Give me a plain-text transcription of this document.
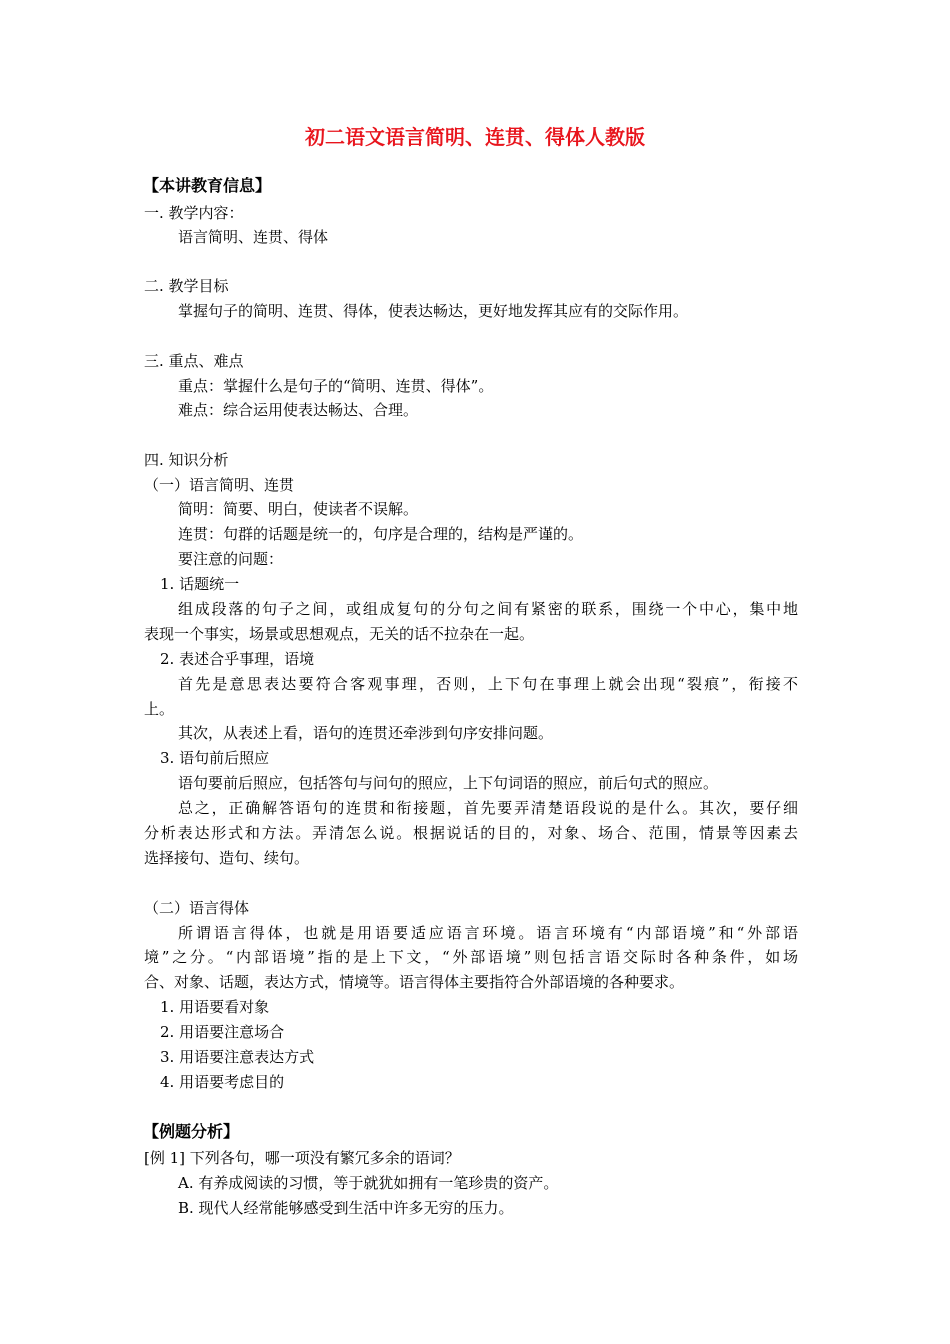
初二语文语言简明、连贯、得体人教版
【本讲教育信息】
一. 教学内容：
语言简明、连贯、得体
二. 教学目标
掌握句子的简明、连贯、得体，使表达畅达，更好地发挥其应有的交际作用。
三. 重点、难点
重点：掌握什么是句子的“简明、连贯、得体”。
难点：综合运用使表达畅达、合理。
四. 知识分析
（一）语言简明、连贯
简明：简要、明白，使读者不误解。
连贯：句群的话题是统一的，句序是合理的，结构是严谨的。
要注意的问题：
1. 话题统一
组成段落的句子之间，或组成复句的分句之间有紧密的联系，围绕一个中心，集中地
表现一个事实，场景或思想观点，无关的话不拉杂在一起。
2. 表述合乎事理，语境
首先是意思表达要符合客观事理，否则，上下句在事理上就会出现“裂痕”，衔接不
上。
其次，从表述上看，语句的连贯还牵涉到句序安排问题。
3. 语句前后照应
语句要前后照应，包括答句与问句的照应，上下句词语的照应，前后句式的照应。
总之，正确解答语句的连贯和衔接题，首先要弄清楚语段说的是什么。其次，要仔细
分析表达形式和方法。弄清怎么说。根据说话的目的，对象、场合、范围，情景等因素去
选择接句、造句、续句。
（二）语言得体
所谓语言得体，也就是用语要适应语言环境。语言环境有“内部语境”和“外部语
境”之分。“内部语境”指的是上下文，“外部语境”则包括言语交际时各种条件，如场
合、对象、话题，表达方式，情境等。语言得体主要指符合外部语境的各种要求。
1. 用语要看对象
2. 用语要注意场合
3. 用语要注意表达方式
4. 用语要考虑目的
【例题分析】
[例 1] 下列各句，哪一项没有繁冗多余的语词？
A. 有养成阅读的习惯，等于就犹如拥有一笔珍贵的资产。
B. 现代人经常能够感受到生活中许多无穷的压力。
